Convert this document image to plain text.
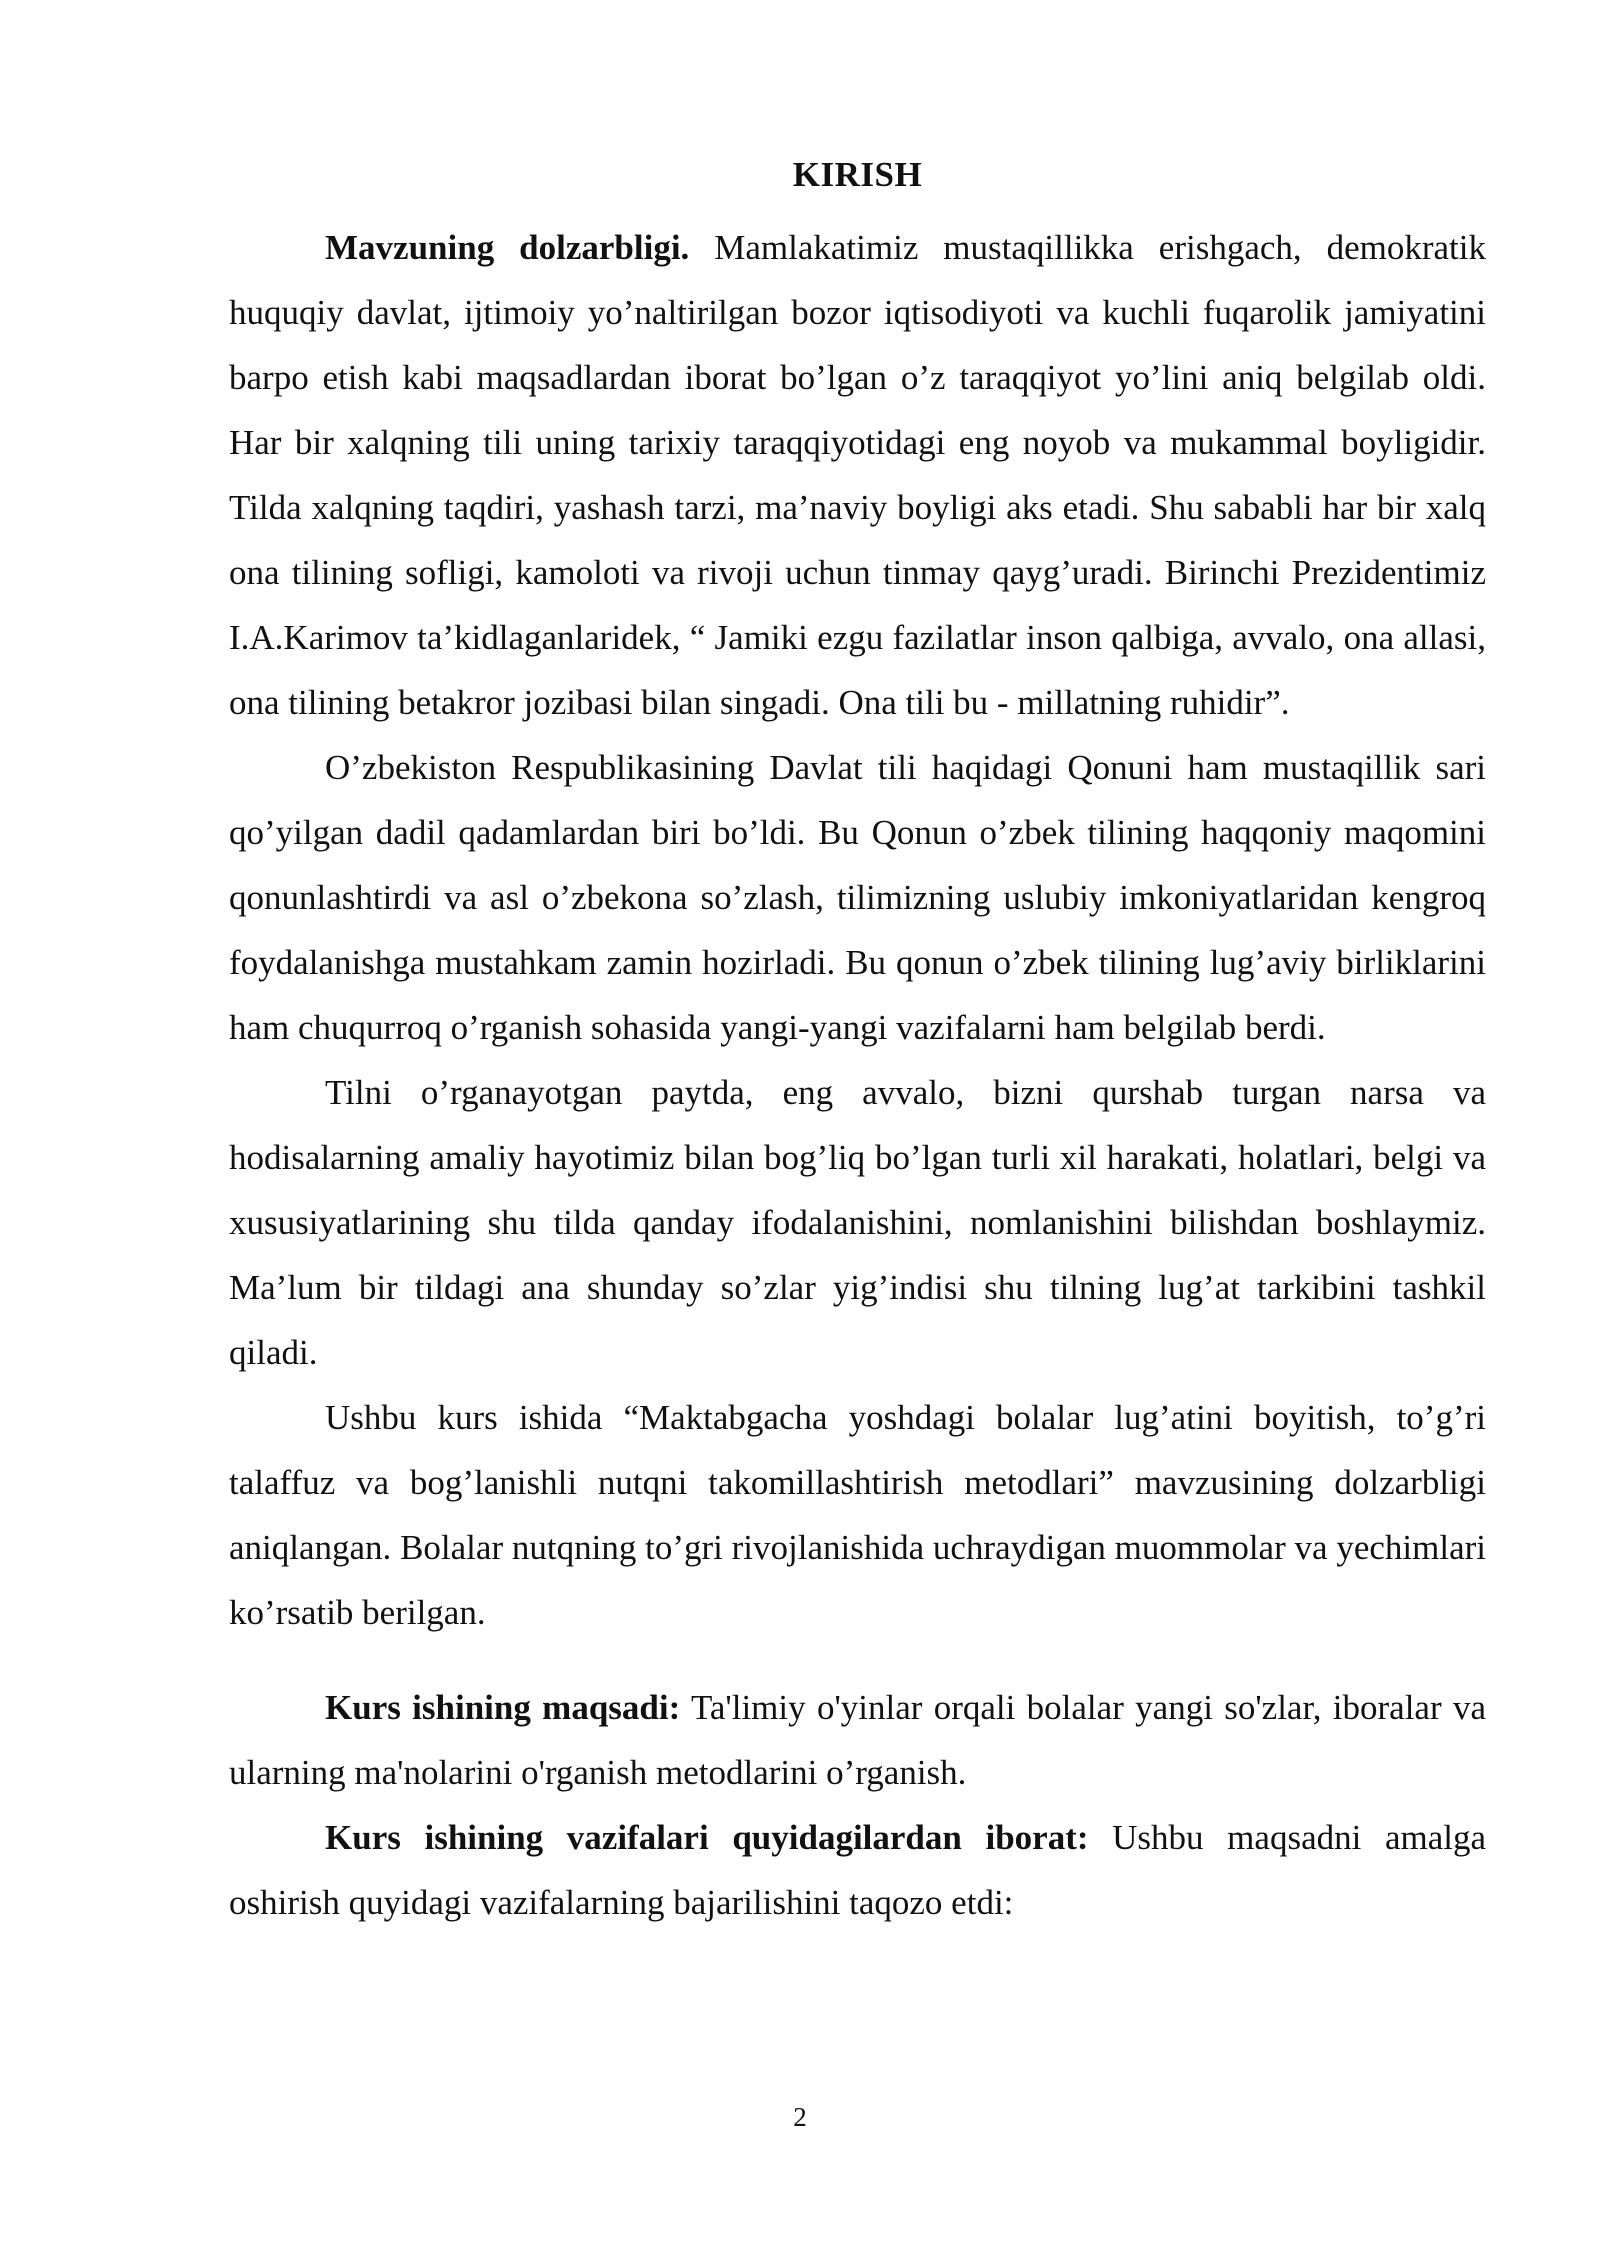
KIRISH

Mavzuning dolzarbligi. Mamlakatimiz mustaqillikka erishgach, demokratik huquqiy davlat, ijtimoiy yo’naltirilgan bozor iqtisodiyoti va kuchli fuqarolik jamiyatini barpo etish kabi maqsadlardan iborat bo’lgan o’z taraqqiyot yo’lini aniq belgilab oldi. Har bir xalqning tili uning tarixiy taraqqiyotidagi eng noyob va mukammal boyligidir. Tilda xalqning taqdiri, yashash tarzi, ma’naviy boyligi aks etadi. Shu sababli har bir xalq ona tilining sofligi, kamoloti va rivoji uchun tinmay qayg’uradi. Birinchi Prezidentimiz I.A.Karimov ta’kidlaganlaridek, “ Jamiki ezgu fazilatlar inson qalbiga, avvalo, ona allasi, ona tilining betakror jozibasi bilan singadi. Ona tili bu - millatning ruhidir”.

O’zbekiston Respublikasining Davlat tili haqidagi Qonuni ham mustaqillik sari qo’yilgan dadil qadamlardan biri bo’ldi. Bu Qonun o’zbek tilining haqqoniy maqomini qonunlashtirdi va asl o’zbekona so’zlash, tilimizning uslubiy imkoniyatlaridan kengroq foydalanishga mustahkam zamin hozirladi. Bu qonun o’zbek tilining lug’aviy birliklarini ham chuqurroq o’rganish sohasida yangi-yangi vazifalarni ham belgilab berdi.

Tilni o’rganayotgan paytda, eng avvalo, bizni qurshab turgan narsa va hodisalarning amaliy hayotimiz bilan bog’liq bo’lgan turli xil harakati, holatlari, belgi va xususiyatlarining shu tilda qanday ifodalanishini, nomlanishini bilishdan boshlaymiz. Ma’lum bir tildagi ana shunday so’zlar yig’indisi shu tilning lug’at tarkibini tashkil qiladi.

Ushbu kurs ishida “Maktabgacha yoshdagi bolalar lug’atini boyitish, to’g’ri talaffuz va bog’lanishli nutqni takomillashtirish metodlari” mavzusining dolzarbligi aniqlangan. Bolalar nutqning to’gri rivojlanishida uchraydigan muommolar va yechimlari ko’rsatib berilgan.

Kurs ishining maqsadi: Ta'limiy o'yinlar orqali bolalar yangi so'zlar, iboralar va ularning ma'nolarini o'rganish metodlarini o’rganish.

Kurs ishining vazifalari quyidagilardan iborat: Ushbu maqsadni amalga oshirish quyidagi vazifalarning bajarilishini taqozo etdi:

2
